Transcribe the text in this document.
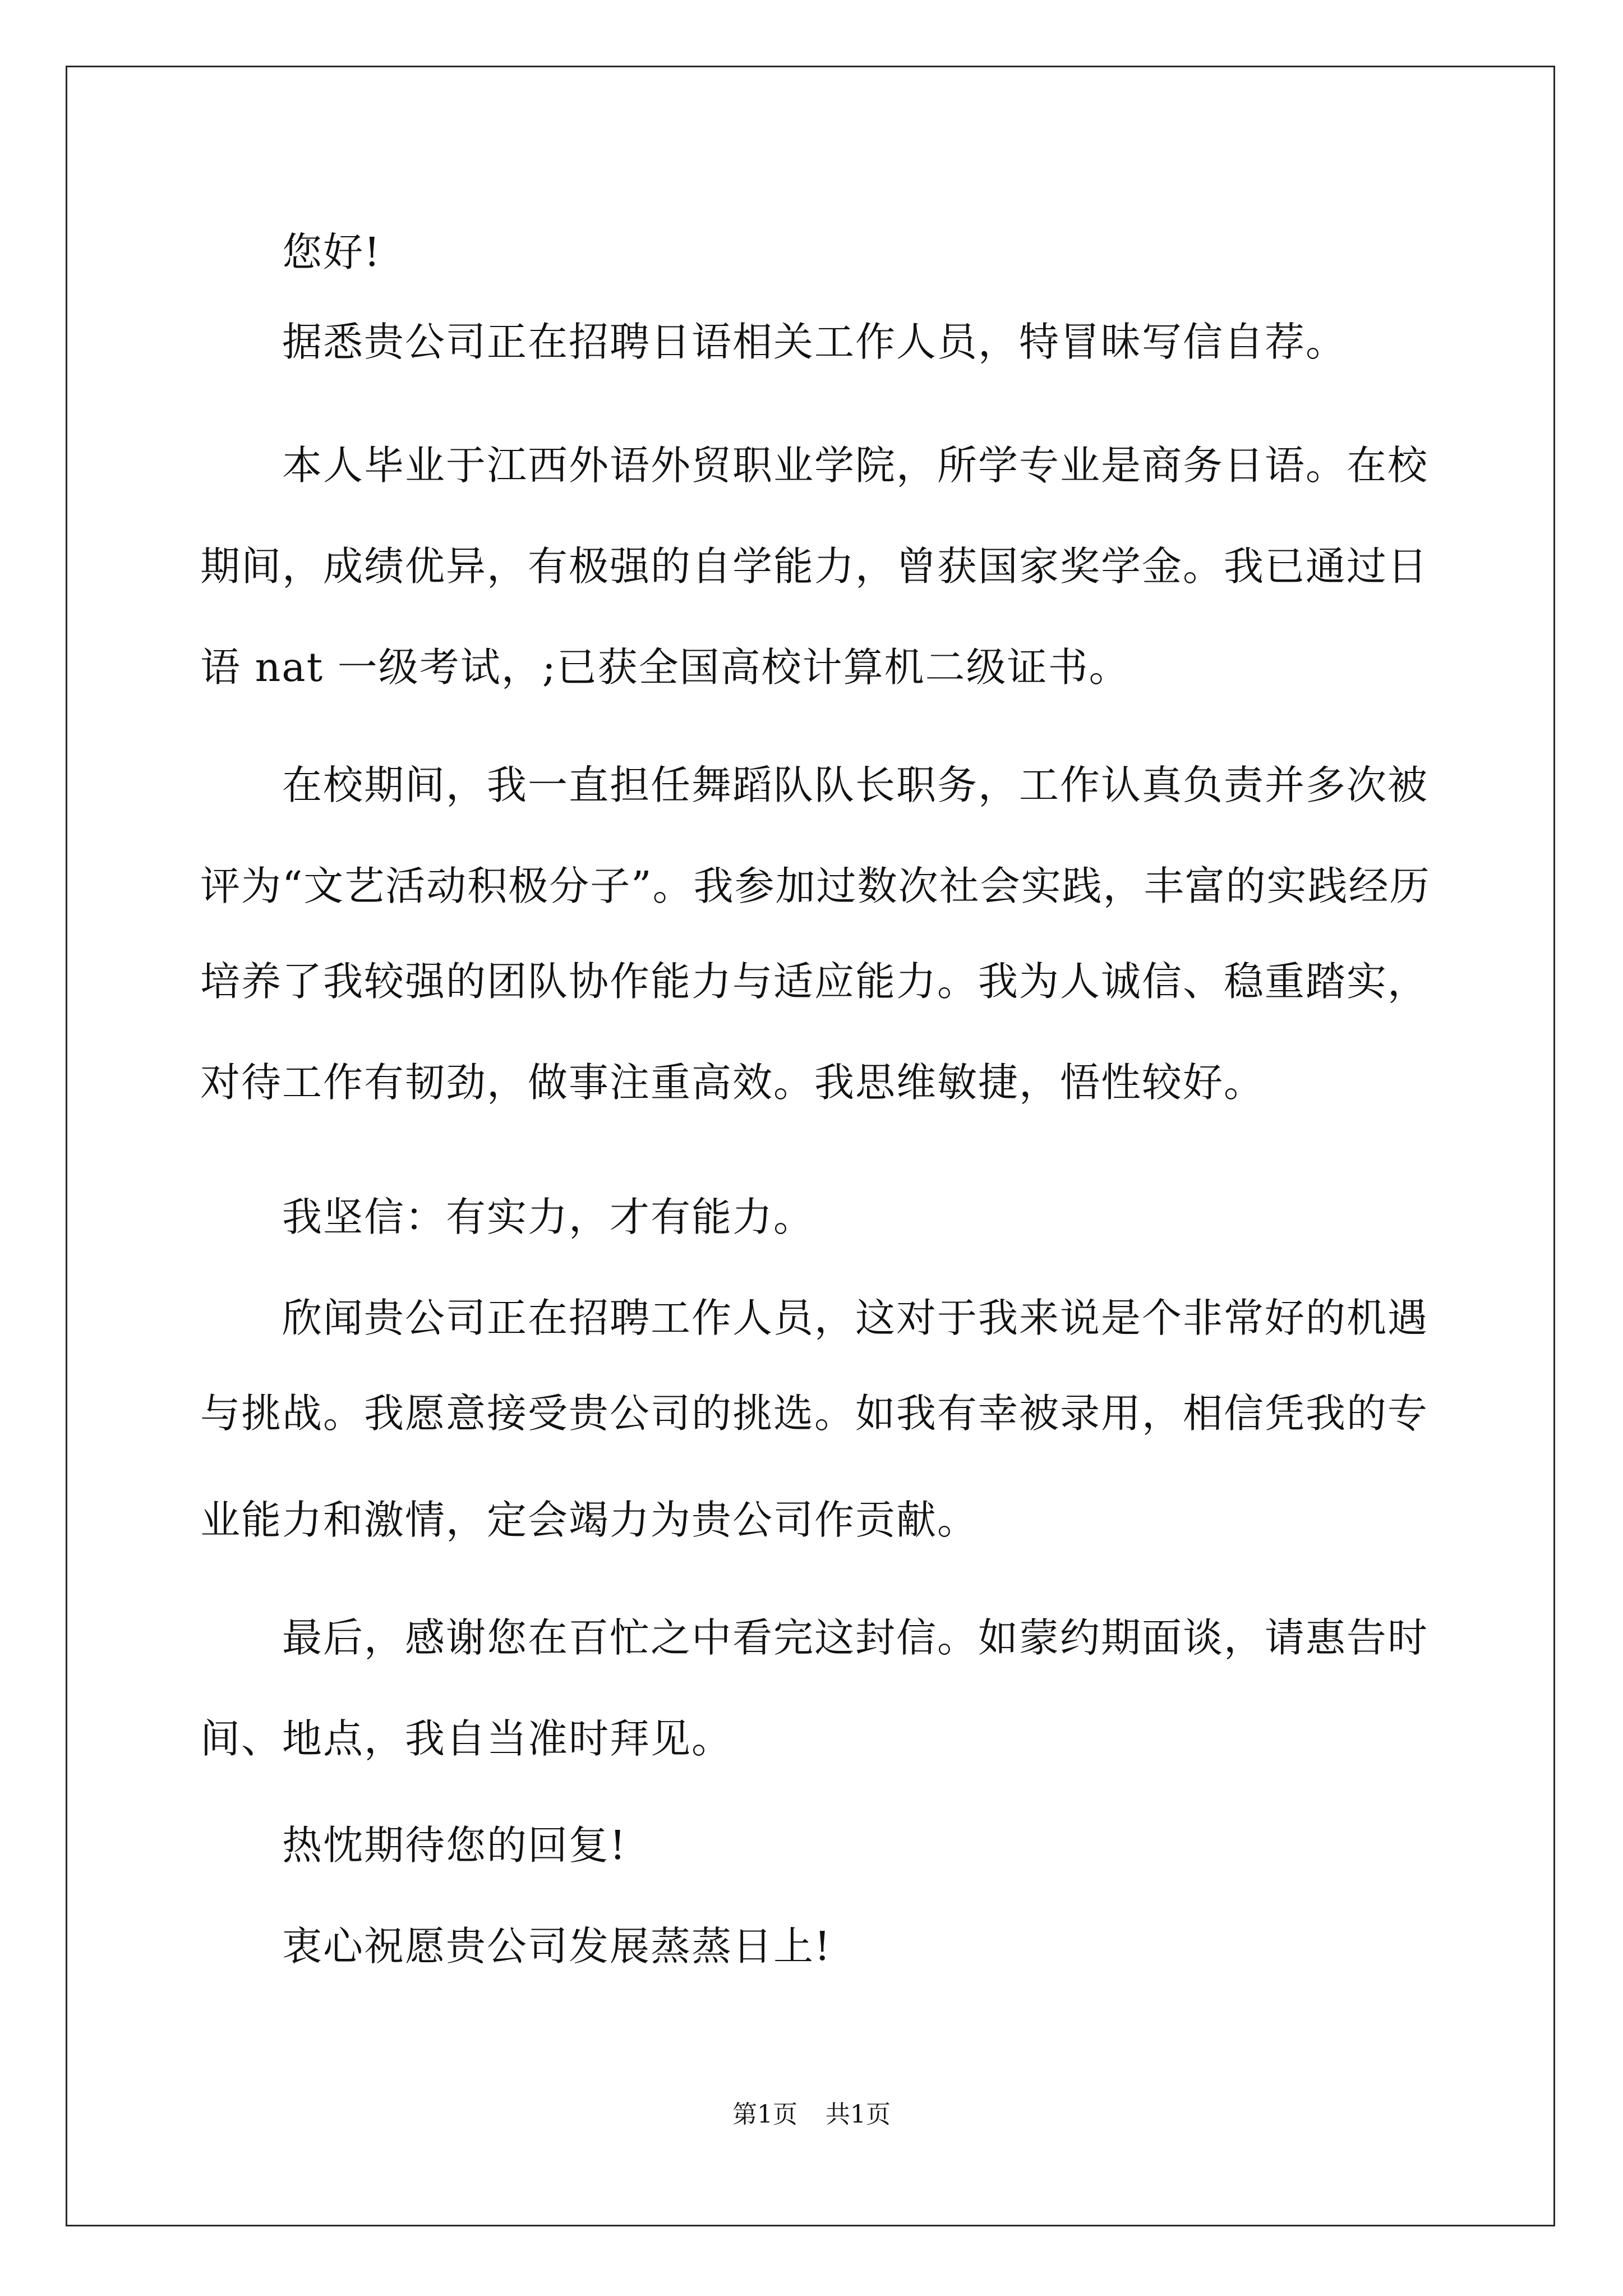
您好!
据悉贵公司正在招聘日语相关工作人员，特冒昧写信自荐。
本人毕业于江西外语外贸职业学院，所学专业是商务日语。在校
期间，成绩优异，有极强的自学能力，曾获国家奖学金。我已通过日
语 nat 一级考试，;已获全国高校计算机二级证书。
在校期间，我一直担任舞蹈队队长职务，工作认真负责并多次被
评为“文艺活动积极分子”。我参加过数次社会实践，丰富的实践经历
培养了我较强的团队协作能力与适应能力。我为人诚信、稳重踏实，
对待工作有韧劲，做事注重高效。我思维敏捷，悟性较好。
我坚信：有实力，才有能力。
欣闻贵公司正在招聘工作人员，这对于我来说是个非常好的机遇
与挑战。我愿意接受贵公司的挑选。如我有幸被录用，相信凭我的专
业能力和激情，定会竭力为贵公司作贡献。
最后，感谢您在百忙之中看完这封信。如蒙约期面谈，请惠告时
间、地点，我自当准时拜见。
热忱期待您的回复!
衷心祝愿贵公司发展蒸蒸日上!
第1页 共1页
